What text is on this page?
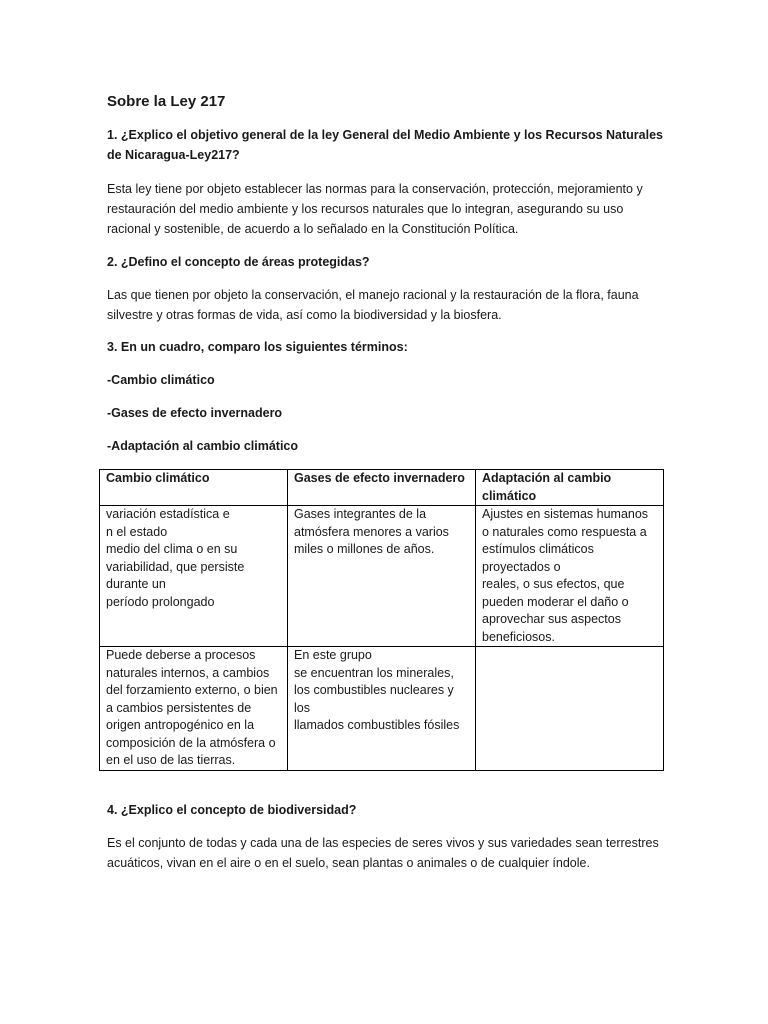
Sobre la Ley 217

1. ¿Explico el objetivo general de la ley General del Medio Ambiente y los Recursos Naturales de Nicaragua-Ley217?

Esta ley tiene por objeto establecer las normas para la conservación, protección, mejoramiento y restauración del medio ambiente y los recursos naturales que lo integran, asegurando su uso racional y sostenible, de acuerdo a lo señalado en la Constitución Política.

2. ¿Defino el concepto de áreas protegidas?

Las que tienen por objeto la conservación, el manejo racional y la restauración de la flora, fauna silvestre y otras formas de vida, así como la biodiversidad y la biosfera.

3. En un cuadro, comparo los siguientes términos:

-Cambio climático

-Gases de efecto invernadero

-Adaptación al cambio climático

Cambio climático	Gases de efecto invernadero	Adaptación al cambio climático
variación estadística e
n el estado
medio del clima o en su variabilidad, que persiste durante un
período prolongado	Gases integrantes de la atmósfera menores a varios miles o millones de años.	Ajustes en sistemas humanos o naturales como respuesta a estímulos climáticos proyectados o
reales, o sus efectos, que pueden moderar el daño o aprovechar sus aspectos beneficiosos.
Puede deberse a procesos naturales internos, a cambios del forzamiento externo, o bien a cambios persistentes de origen antropogénico en la composición de la atmósfera o en el uso de las tierras.	En este grupo
se encuentran los minerales, los combustibles nucleares y los
llamados combustibles fósiles	

4. ¿Explico el concepto de biodiversidad?

Es el conjunto de todas y cada una de las especies de seres vivos y sus variedades sean terrestres acuáticos, vivan en el aire o en el suelo, sean plantas o animales o de cualquier índole.
